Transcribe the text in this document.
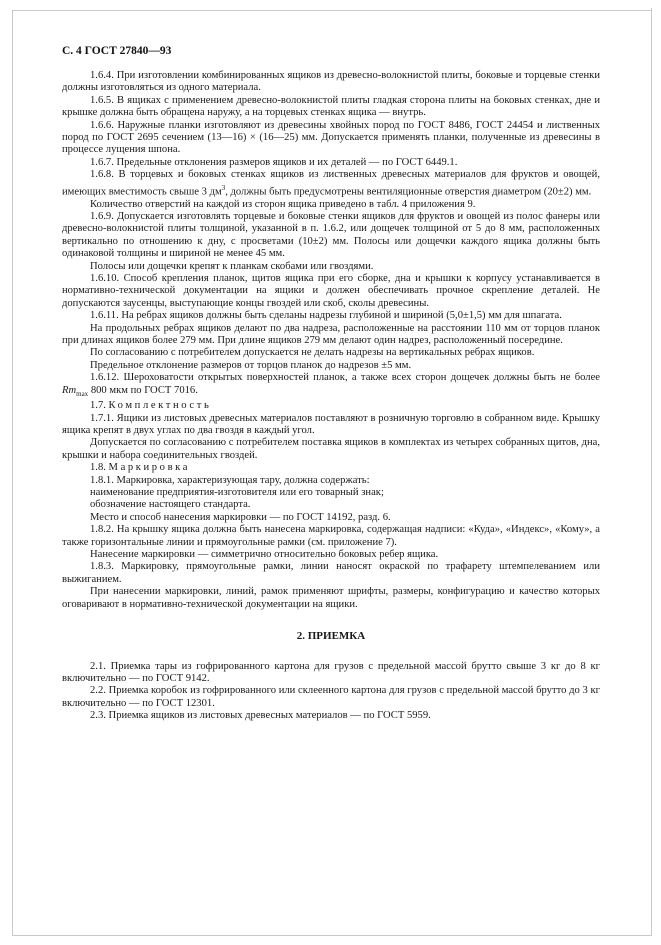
С. 4 ГОСТ 27840—93

1.6.4. При изготовлении комбинированных ящиков из древесно-волокнистой плиты, боковые и торцевые стенки должны изготовляться из одного материала.

1.6.5. В ящиках с применением древесно-волокнистой плиты гладкая сторона плиты на боковых стенках, дне и крышке должна быть обращена наружу, а на торцевых стенках ящика — внутрь.

1.6.6. Наружные планки изготовляют из древесины хвойных пород по ГОСТ 8486, ГОСТ 24454 и лиственных пород по ГОСТ 2695 сечением (13—16) × (16—25) мм. Допускается применять планки, полученные из древесины в процессе лущения шпона.

1.6.7. Предельные отклонения размеров ящиков и их деталей — по ГОСТ 6449.1.

1.6.8. В торцевых и боковых стенках ящиков из лиственных древесных материалов для фруктов и овощей, имеющих вместимость свыше 3 $дм^3$, должны быть предусмотрены вентиляционные отверстия диаметром (20±2) мм.

Количество отверстий на каждой из сторон ящика приведено в табл. 4 приложения 9.

1.6.9. Допускается изготовлять торцевые и боковые стенки ящиков для фруктов и овощей из полос фанеры или древесно-волокнистой плиты толщиной, указанной в п. 1.6.2, или дощечек толщиной от 5 до 8 мм, расположенных вертикально по отношению к дну, с просветами (10±2) мм. Полосы или дощечки каждого ящика должны быть одинаковой толщины и шириной не менее 45 мм.

Полосы или дощечки крепят к планкам скобами или гвоздями.

1.6.10. Способ крепления планок, щитов ящика при его сборке, дна и крышки к корпусу устанавливается в нормативно-технической документации на ящики и должен обеспечивать прочное скрепление деталей. Не допускаются заусенцы, выступающие концы гвоздей или скоб, сколы древесины.

1.6.11. На ребрах ящиков должны быть сделаны надрезы глубиной и шириной (5,0±1,5) мм для шпагата.

На продольных ребрах ящиков делают по два надреза, расположенные на расстоянии 110 мм от торцов планок при длинах ящиков более 279 мм. При длине ящиков 279 мм делают один надрез, расположенный посередине.

По согласованию с потребителем допускается не делать надрезы на вертикальных ребрах ящиков.

Предельное отклонение размеров от торцов планок до надрезов ±5 мм.

1.6.12. Шероховатости открытых поверхностей планок, а также всех сторон дощечек должны быть не более $Rm_{max}$ 800 мкм по ГОСТ 7016.

1.7. Комплектность

1.7.1. Ящики из листовых древесных материалов поставляют в розничную торговлю в собранном виде. Крышку ящика крепят в двух углах по два гвоздя в каждый угол.

Допускается по согласованию с потребителем поставка ящиков в комплектах из четырех собранных щитов, дна, крышки и набора соединительных гвоздей.

1.8. Маркировка

1.8.1. Маркировка, характеризующая тару, должна содержать:

наименование предприятия-изготовителя или его товарный знак;

обозначение настоящего стандарта.

Место и способ нанесения маркировки — по ГОСТ 14192, разд. 6.

1.8.2. На крышку ящика должна быть нанесена маркировка, содержащая надписи: «Куда», «Индекс», «Кому», а также горизонтальные линии и прямоугольные рамки (см. приложение 7).

Нанесение маркировки — симметрично относительно боковых ребер ящика.

1.8.3. Маркировку, прямоугольные рамки, линии наносят окраской по трафарету штемпелеванием или выжиганием.

При нанесении маркировки, линий, рамок применяют шрифты, размеры, конфигурацию и качество которых оговаривают в нормативно-технической документации на ящики.

2. ПРИЕМКА

2.1. Приемка тары из гофрированного картона для грузов с предельной массой брутто свыше 3 кг до 8 кг включительно — по ГОСТ 9142.

2.2. Приемка коробок из гофрированного или склеенного картона для грузов с предельной массой брутто до 3 кг включительно — по ГОСТ 12301.

2.3. Приемка ящиков из листовых древесных материалов — по ГОСТ 5959.
